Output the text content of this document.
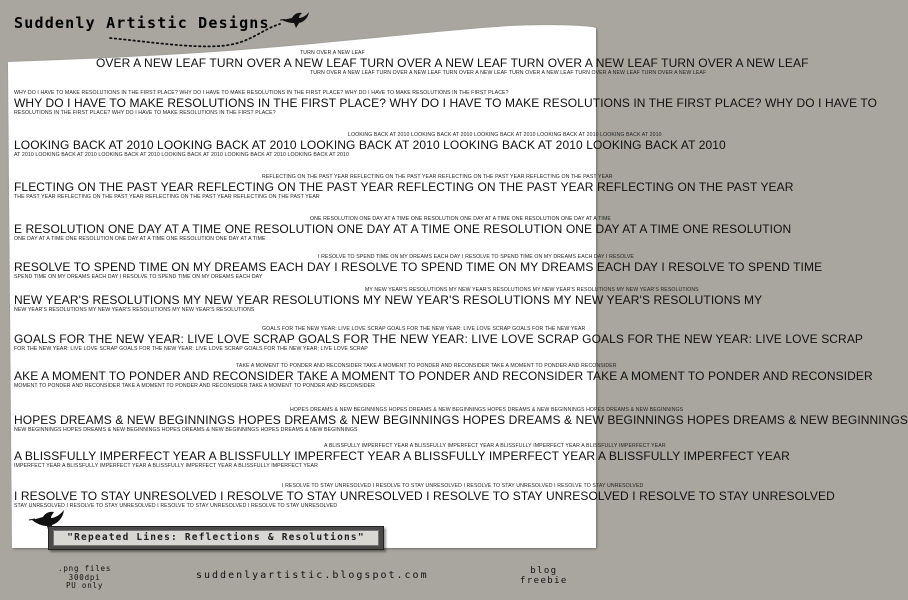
Suddenly Artistic Designs
TURN OVER A NEW LEAF
OVER A NEW LEAF TURN OVER A NEW LEAF TURN OVER A NEW LEAF TURN OVER A NEW LEAF TURN OVER A NEW LEAF
TURN OVER A NEW LEAF TURN OVER A NEW LEAF TURN OVER A NEW LEAF TURN OVER A NEW LEAF TURN OVER A NEW LEAF TURN OVER A NEW LEAF
WHY DO I HAVE TO MAKE RESOLUTIONS IN THE FIRST PLACE? WHY DO I HAVE TO MAKE RESOLUTIONS IN THE FIRST PLACE? WHY DO I HAVE TO MAKE RESOLUTIONS IN THE FIRST PLACE?
WHY DO I HAVE TO MAKE RESOLUTIONS IN THE FIRST PLACE? WHY DO I HAVE TO MAKE RESOLUTIONS IN THE FIRST PLACE? WHY DO I HAVE TO
RESOLUTIONS IN THE FIRST PLACE? WHY DO I HAVE TO MAKE RESOLUTIONS IN THE FIRST PLACE?
LOOKING BACK AT 2010 LOOKING BACK AT 2010 LOOKING BACK AT 2010 LOOKING BACK AT 2010 LOOKING BACK AT 2010
LOOKING BACK AT 2010 LOOKING BACK AT 2010 LOOKING BACK AT 2010 LOOKING BACK AT 2010 LOOKING BACK AT 2010
AT 2010 LOOKING BACK AT 2010 LOOKING BACK AT 2010 LOOKING BACK AT 2010 LOOKING BACK AT 2010 LOOKING BACK AT 2010
REFLECTING ON THE PAST YEAR REFLECTING ON THE PAST YEAR REFLECTING ON THE PAST YEAR REFLECTING ON THE PAST YEAR
FLECTING ON THE PAST YEAR REFLECTING ON THE PAST YEAR REFLECTING ON THE PAST YEAR REFLECTING ON THE PAST YEAR
THE PAST YEAR REFLECTING ON THE PAST YEAR REFLECTING ON THE PAST YEAR REFLECTING ON THE PAST YEAR
ONE RESOLUTION ONE DAY AT A TIME ONE RESOLUTION ONE DAY AT A TIME ONE RESOLUTION ONE DAY AT A TIME
E RESOLUTION ONE DAY AT A TIME ONE RESOLUTION ONE DAY AT A TIME ONE RESOLUTION ONE DAY AT A TIME ONE RESOLUTION
ONE DAY AT A TIME ONE RESOLUTION ONE DAY AT A TIME ONE RESOLUTION ONE DAY AT A TIME
I RESOLVE TO SPEND TIME ON MY DREAMS EACH DAY I RESOLVE TO SPEND TIME ON MY DREAMS EACH DAY I RESOLVE
RESOLVE TO SPEND TIME ON MY DREAMS EACH DAY I RESOLVE TO SPEND TIME ON MY DREAMS EACH DAY I RESOLVE TO SPEND TIME
SPEND TIME ON MY DREAMS EACH DAY I RESOLVE TO SPEND TIME ON MY DREAMS EACH DAY
MY NEW YEAR'S RESOLUTIONS MY NEW YEAR'S RESOLUTIONS MY NEW YEAR'S RESOLUTIONS MY NEW YEAR'S RESOLUTIONS
NEW YEAR'S RESOLUTIONS MY NEW YEAR RESOLUTIONS MY NEW YEAR'S RESOLUTIONS MY NEW YEAR'S RESOLUTIONS MY
NEW YEAR'S RESOLUTIONS MY NEW YEAR'S RESOLUTIONS MY NEW YEAR'S RESOLUTIONS
GOALS FOR THE NEW YEAR: LIVE LOVE SCRAP GOALS FOR THE NEW YEAR: LIVE LOVE SCRAP GOALS FOR THE NEW YEAR
GOALS FOR THE NEW YEAR: LIVE LOVE SCRAP GOALS FOR THE NEW YEAR: LIVE LOVE SCRAP GOALS FOR THE NEW YEAR: LIVE LOVE SCRAP
FOR THE NEW YEAR: LIVE LOVE SCRAP GOALS FOR THE NEW YEAR: LIVE LOVE SCRAP GOALS FOR THE NEW YEAR: LIVE LOVE SCRAP
TAKE A MOMENT TO PONDER AND RECONSIDER TAKE A MOMENT TO PONDER AND RECONSIDER TAKE A MOMENT TO PONDER AND RECONSIDER
AKE A MOMENT TO PONDER AND RECONSIDER TAKE A MOMENT TO PONDER AND RECONSIDER TAKE A MOMENT TO PONDER AND RECONSIDER
MOMENT TO PONDER AND RECONSIDER TAKE A MOMENT TO PONDER AND RECONSIDER TAKE A MOMENT TO PONDER AND RECONSIDER
HOPES DREAMS & NEW BEGINNINGS HOPES DREAMS & NEW BEGINNINGS HOPES DREAMS & NEW BEGINNINGS HOPES DREAMS & NEW BEGINNINGS
HOPES DREAMS & NEW BEGINNINGS HOPES DREAMS & NEW BEGINNINGS HOPES DREAMS & NEW BEGINNINGS HOPES DREAMS & NEW BEGINNINGS
NEW BEGINNINGS HOPES DREAMS & NEW BEGINNINGS HOPES DREAMS & NEW BEGINNINGS HOPES DREAMS & NEW BEGINNINGS
A BLISSFULLY IMPERFECT YEAR A BLISSFULLY IMPERFECT YEAR A BLISSFULLY IMPERFECT YEAR A BLISSFULLY IMPERFECT YEAR
A BLISSFULLY IMPERFECT YEAR A BLISSFULLY IMPERFECT YEAR A BLISSFULLY IMPERFECT YEAR A BLISSFULLY IMPERFECT YEAR
IMPERFECT YEAR A BLISSFULLY IMPERFECT YEAR A BLISSFULLY IMPERFECT YEAR A BLISSFULLY IMPERFECT YEAR
I RESOLVE TO STAY UNRESOLVED I RESOLVE TO STAY UNRESOLVED I RESOLVE TO STAY UNRESOLVED I RESOLVE TO STAY UNRESOLVED
I RESOLVE TO STAY UNRESOLVED I RESOLVE TO STAY UNRESOLVED I RESOLVE TO STAY UNRESOLVED I RESOLVE TO STAY UNRESOLVED
STAY UNRESOLVED I RESOLVE TO STAY UNRESOLVED I RESOLVE TO STAY UNRESOLVED I RESOLVE TO STAY UNRESOLVED
"Repeated Lines: Reflections & Resolutions"
.png files
300dpi
PU only
suddenlyartistic.blogspot.com	blog
freebie
